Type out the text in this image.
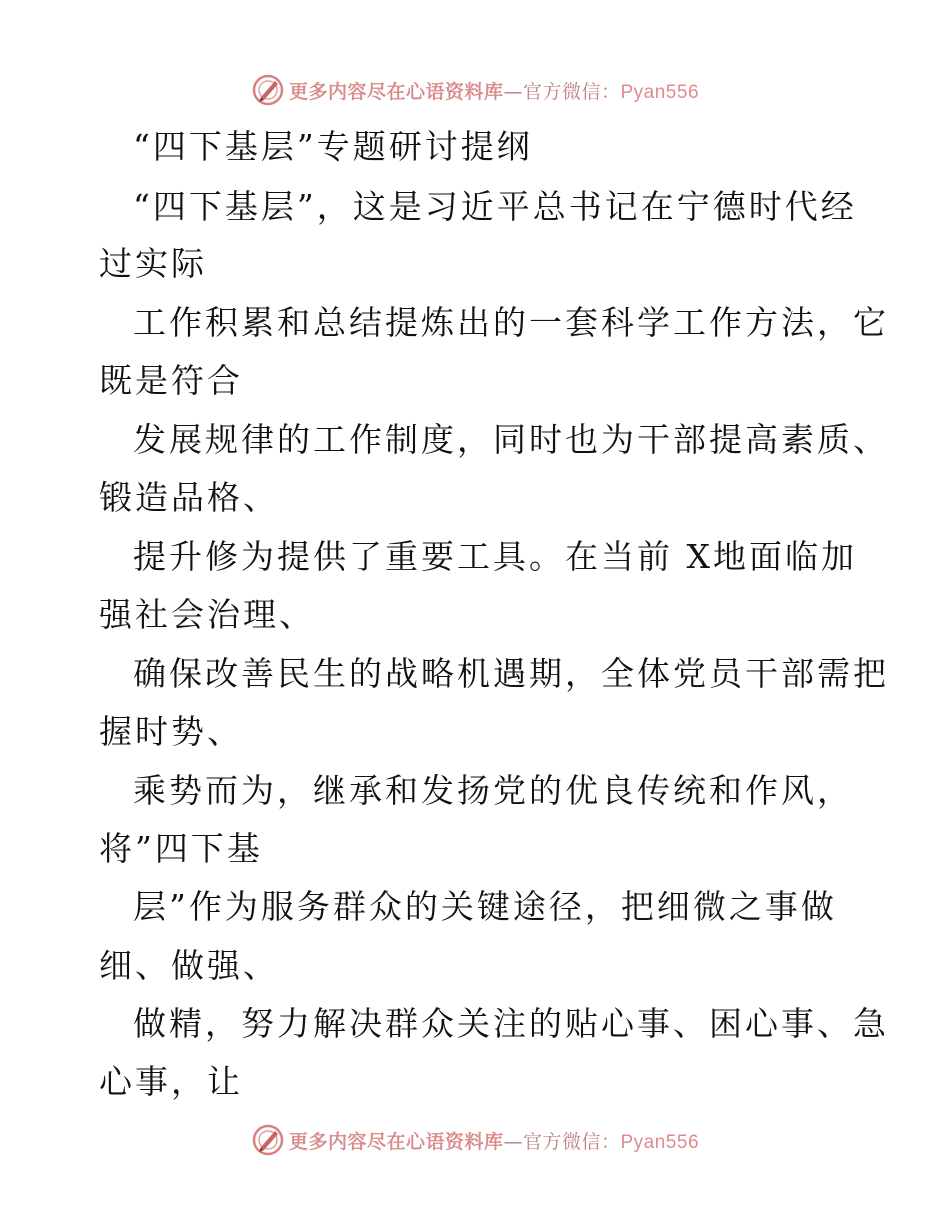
更多内容尽在心语资料库—官方微信：Pyan556
“四下基层”专题研讨提纲
“四下基层”，这是习近平总书记在宁德时代经
过实际
工作积累和总结提炼出的一套科学工作方法，它
既是符合
发展规律的工作制度，同时也为干部提高素质、
锻造品格、
提升修为提供了重要工具。在当前 X地面临加
强社会治理、
确保改善民生的战略机遇期，全体党员干部需把
握时势、
乘势而为，继承和发扬党的优良传统和作风，
将”四下基
层”作为服务群众的关键途径，把细微之事做
细、做强、
做精，努力解决群众关注的贴心事、困心事、急
心事，让
更多内容尽在心语资料库—官方微信：Pyan556
